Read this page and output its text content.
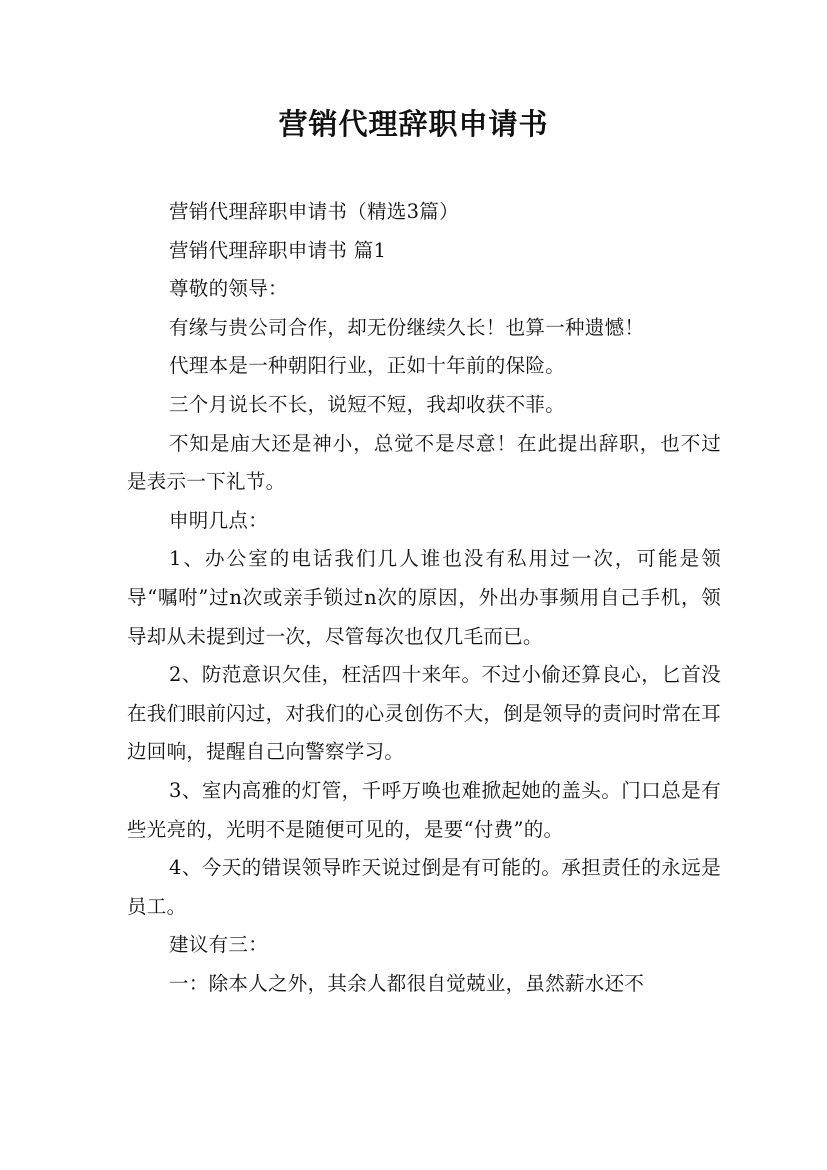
营销代理辞职申请书

营销代理辞职申请书（精选3篇）

营销代理辞职申请书 篇1

尊敬的领导：

有缘与贵公司合作，却无份继续久长！也算一种遗憾！

代理本是一种朝阳行业，正如十年前的保险。

三个月说长不长，说短不短，我却收获不菲。

不知是庙大还是神小，总觉不是尽意！在此提出辞职，也不过是表示一下礼节。

申明几点：

1、办公室的电话我们几人谁也没有私用过一次，可能是领导“嘱咐”过n次或亲手锁过n次的原因，外出办事频用自己手机，领导却从未提到过一次，尽管每次也仅几毛而已。

2、防范意识欠佳，枉活四十来年。不过小偷还算良心，匕首没在我们眼前闪过，对我们的心灵创伤不大，倒是领导的责问时常在耳边回响，提醒自己向警察学习。

3、室内高雅的灯管，千呼万唤也难掀起她的盖头。门口总是有些光亮的，光明不是随便可见的，是要“付费”的。

4、今天的错误领导昨天说过倒是有可能的。承担责任的永远是员工。

建议有三：

一：除本人之外，其余人都很自觉兢业，虽然薪水还不
